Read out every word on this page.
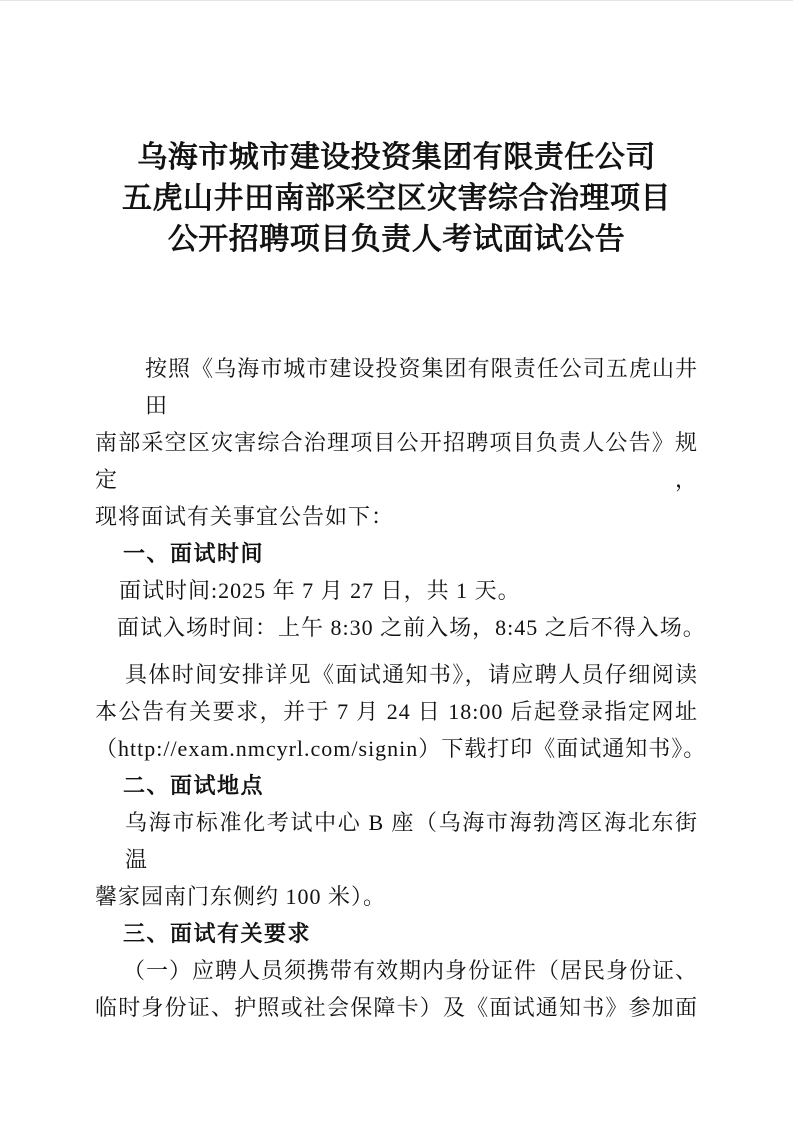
乌海市城市建设投资集团有限责任公司
五虎山井田南部采空区灾害综合治理项目
公开招聘项目负责人考试面试公告
按照《乌海市城市建设投资集团有限责任公司五虎山井田
南部采空区灾害综合治理项目公开招聘项目负责人公告》规定，
现将面试有关事宜公告如下：
一、面试时间
面试时间:2025 年 7 月 27 日，共 1 天。
面试入场时间：上午 8:30 之前入场，8:45 之后不得入场。
具体时间安排详见《面试通知书》，请应聘人员仔细阅读
本公告有关要求，并于 7 月 24 日 18:00 后起登录指定网址
（http://exam.nmcyrl.com/signin）下载打印《面试通知书》。
二、面试地点
乌海市标准化考试中心 B 座（乌海市海勃湾区海北东街温
馨家园南门东侧约 100 米）。
三、面试有关要求
（一）应聘人员须携带有效期内身份证件（居民身份证、
临时身份证、护照或社会保障卡）及《面试通知书》参加面
